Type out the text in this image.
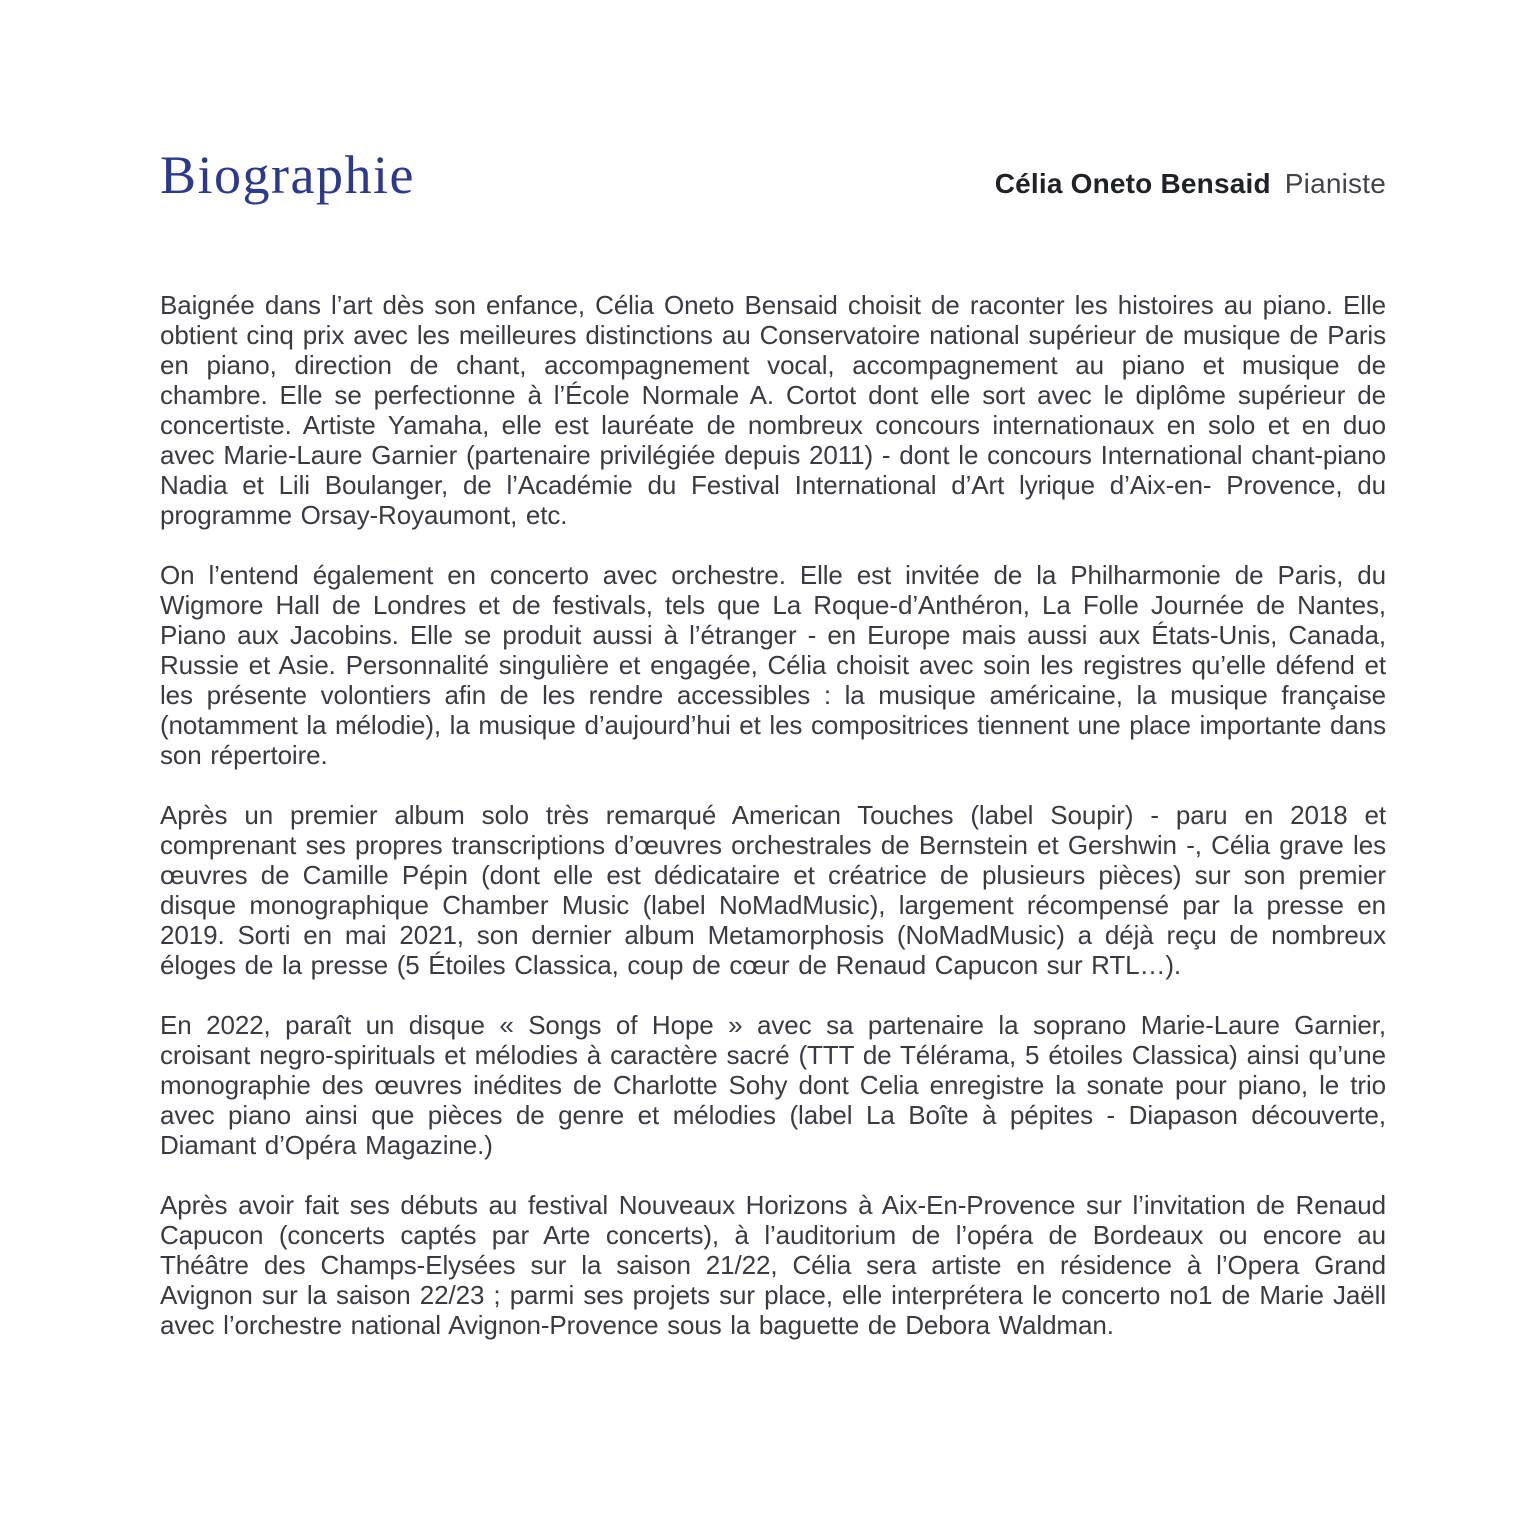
Biographie	Célia Oneto Bensaid Pianiste

Baignée dans l’art dès son enfance, Célia Oneto Bensaid choisit de raconter les histoires au piano. Elle obtient cinq prix avec les meilleures distinctions au Conservatoire national supérieur de musique de Paris en piano, direction de chant, accompagnement vocal, accompagnement au piano et musique de chambre. Elle se perfectionne à l’École Normale A. Cortot dont elle sort avec le diplôme supérieur de concertiste. Artiste Yamaha, elle est lauréate de nombreux concours internationaux en solo et en duo avec Marie-Laure Garnier (partenaire privilégiée depuis 2011) - dont le concours International chant-piano Nadia et Lili Boulanger, de l’Académie du Festival International d’Art lyrique d’Aix-en- Provence, du programme Orsay-Royaumont, etc.

On l’entend également en concerto avec orchestre. Elle est invitée de la Philharmonie de Paris, du Wigmore Hall de Londres et de festivals, tels que La Roque-d’Anthéron, La Folle Journée de Nantes, Piano aux Jacobins. Elle se produit aussi à l’étranger - en Europe mais aussi aux États-Unis, Canada, Russie et Asie. Personnalité singulière et engagée, Célia choisit avec soin les registres qu’elle défend et les présente volontiers afin de les rendre accessibles : la musique américaine, la musique française (notamment la mélodie), la musique d’aujourd’hui et les compositrices tiennent une place importante dans son répertoire.

Après un premier album solo très remarqué American Touches (label Soupir) - paru en 2018 et comprenant ses propres transcriptions d’œuvres orchestrales de Bernstein et Gershwin -, Célia grave les œuvres de Camille Pépin (dont elle est dédicataire et créatrice de plusieurs pièces) sur son premier disque monographique Chamber Music (label NoMadMusic), largement récompensé par la presse en 2019. Sorti en mai 2021, son dernier album Metamorphosis (NoMadMusic) a déjà reçu de nombreux éloges de la presse (5 Étoiles Classica, coup de cœur de Renaud Capucon sur RTL…).

En 2022, paraît un disque « Songs of Hope » avec sa partenaire la soprano Marie-Laure Garnier, croisant negro-spirituals et mélodies à caractère sacré (TTT de Télérama, 5 étoiles Classica) ainsi qu’une monographie des œuvres inédites de Charlotte Sohy dont Celia enregistre la sonate pour piano, le trio avec piano ainsi que pièces de genre et mélodies (label La Boîte à pépites - Diapason découverte, Diamant d’Opéra Magazine.)

Après avoir fait ses débuts au festival Nouveaux Horizons à Aix-En-Provence sur l’invitation de Renaud Capucon (concerts captés par Arte concerts), à l’auditorium de l’opéra de Bordeaux ou encore au Théâtre des Champs-Elysées sur la saison 21/22, Célia sera artiste en résidence à l’Opera Grand Avignon sur la saison 22/23 ; parmi ses projets sur place, elle interprétera le concerto no1 de Marie Jaëll avec l’orchestre national Avignon-Provence sous la baguette de Debora Waldman.
